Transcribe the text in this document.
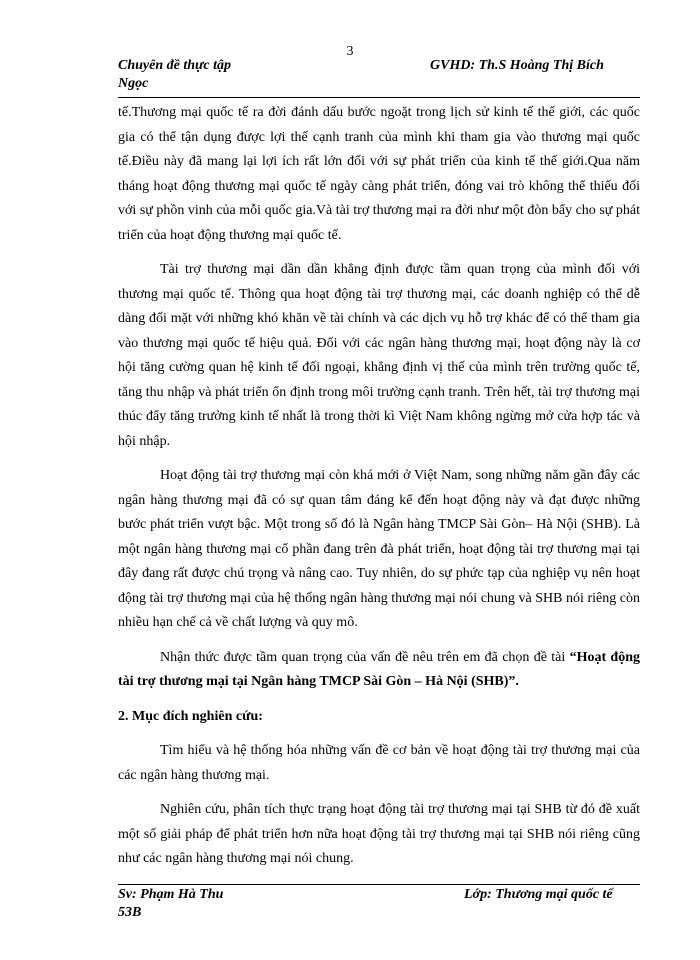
3
Chuyên đề thực tập	GVHD: Th.S Hoàng Thị Bích
Ngọc

tế.Thương mại quốc tế ra đời đánh dấu bước ngoặt trong lịch sử kinh tế thế giới, các quốc gia có thể tận dụng được lợi thế cạnh tranh của mình khi tham gia vào thương mại quốc tế.Điều này đã mang lại lợi ích rất lớn đối với sự phát triển của kinh tế thế giới.Qua năm tháng hoạt động thương mại quốc tế ngày càng phát triển, đóng vai trò không thể thiếu đối với sự phồn vinh của mỗi quốc gia.Và tài trợ thương mại ra đời như một đòn bẩy cho sự phát triển của hoạt động thương mại quốc tế.

Tài trợ thương mại dần dần khẳng định được tầm quan trọng của mình đối với thương mại quốc tế. Thông qua hoạt động tài trợ thương mại, các doanh nghiệp có thể dễ dàng đối mặt với những khó khăn về tài chính và các dịch vụ hỗ trợ khác để có thể tham gia vào thương mại quốc tế hiệu quả. Đối với các ngân hàng thương mại, hoạt động này là cơ hội tăng cường quan hệ kinh tế đối ngoại, khẳng định vị thế của mình trên trường quốc tế, tăng thu nhập và phát triển ổn định trong môi trường cạnh tranh. Trên hết, tài trợ thương mại thúc đẩy tăng trưởng kinh tế nhất là trong thời kì Việt Nam không ngừng mở cửa hợp tác và hội nhập.

Hoạt động tài trợ thương mại còn khá mới ở Việt Nam, song những năm gần đây các ngân hàng thương mại đã có sự quan tâm đáng kể đến hoạt động này và đạt được những bước phát triển vượt bậc. Một trong số đó là Ngân hàng TMCP Sài Gòn– Hà Nội (SHB). Là một ngân hàng thương mại cổ phần đang trên đà phát triển, hoạt động tài trợ thương mại tại đây đang rất được chú trọng và nâng cao. Tuy nhiên, do sự phức tạp của nghiệp vụ nên hoạt động tài trợ thương mại của hệ thống ngân hàng thương mại nói chung và SHB nói riêng còn nhiều hạn chế cả về chất lượng và quy mô.

Nhận thức được tầm quan trọng của vấn đề nêu trên em đã chọn đề tài “Hoạt động tài trợ thương mại tại Ngân hàng TMCP Sài Gòn – Hà Nội (SHB)”.

2. Mục đích nghiên cứu:

Tìm hiểu và hệ thống hóa những vấn đề cơ bản về hoạt động tài trợ thương mại của các ngân hàng thương mại.

Nghiên cứu, phân tích thực trạng hoạt động tài trợ thương mại tại SHB từ đó đề xuất một số giải pháp để phát triển hơn nữa hoạt động tài trợ thương mại tại SHB nói riêng cũng như các ngân hàng thương mại nói chung.

Sv: Phạm Hà Thu	Lớp: Thương mại quốc tế
53B
